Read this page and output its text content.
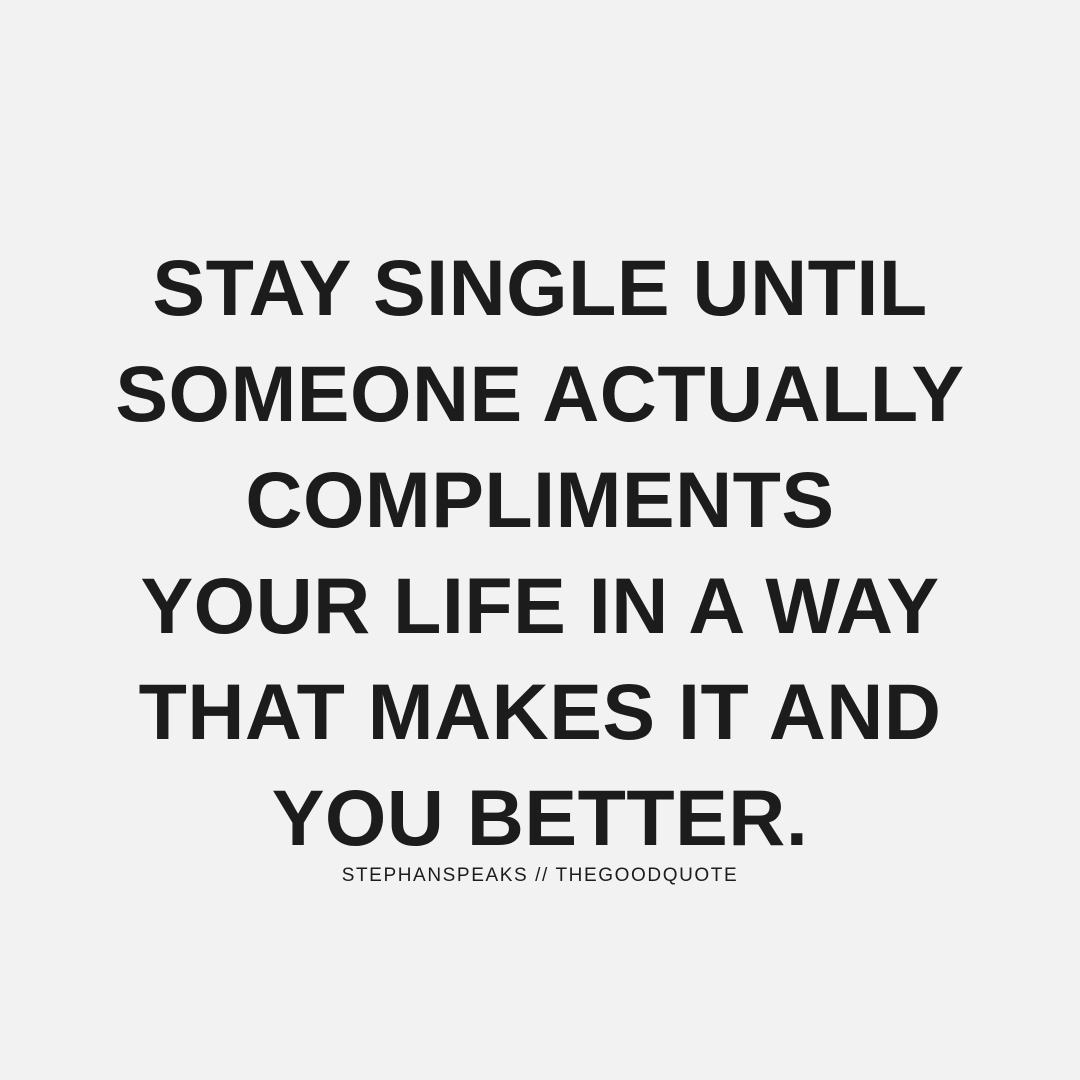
STAY SINGLE UNTIL
SOMEONE ACTUALLY
COMPLIMENTS
YOUR LIFE IN A WAY
THAT MAKES IT AND
YOU BETTER.
STEPHANSPEAKS // THEGOODQUOTE
